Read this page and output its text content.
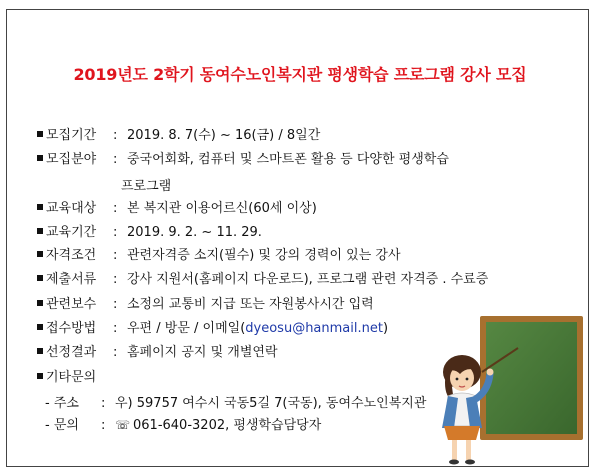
2019년도 2학기 동여수노인복지관 평생학습 프로그램 강사 모집
모집기간 : 2019. 8. 7(수) ~ 16(금) / 8일간
모집분야 : 중국어회화, 컴퓨터 및 스마트폰 활용 등 다양한 평생학습
프로그램
교육대상 : 본 복지관 이용어르신(60세 이상)
교육기간 : 2019. 9. 2. ~ 11. 29.
자격조건 : 관련자격증 소지(필수) 및 강의 경력이 있는 강사
제출서류 : 강사 지원서(홈페이지 다운로드), 프로그램 관련 자격증 . 수료증
관련보수 : 소정의 교통비 지급 또는 자원봉사시간 입력
접수방법 : 우편 / 방문 / 이메일(dyeosu@hanmail.net)
선정결과 : 홈페이지 공지 및 개별연락
기타문의
- 주소 : 우) 59757 여수시 국동5길 7(국동), 동여수노인복지관
- 문의 : ☏ 061-640-3202, 평생학습담당자
